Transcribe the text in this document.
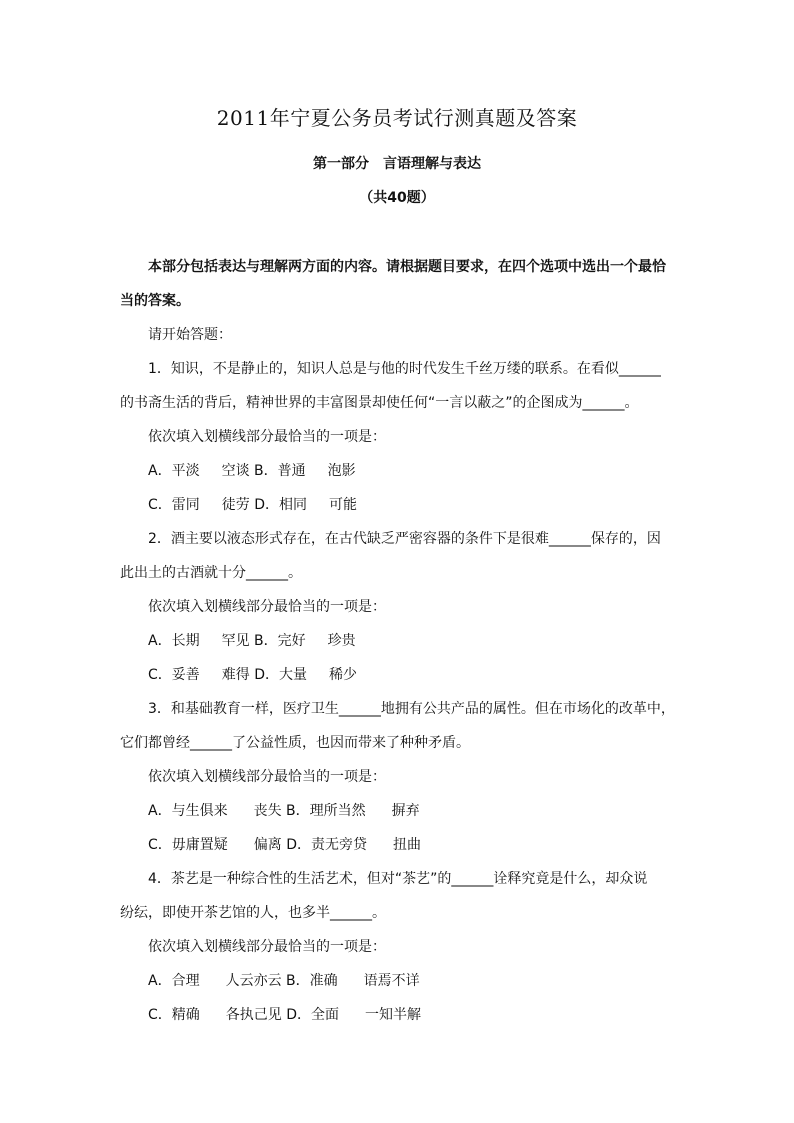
2011年宁夏公务员考试行测真题及答案
第一部分　言语理解与表达
（共40题）
本部分包括表达与理解两方面的内容。请根据题目要求，在四个选项中选出一个最恰
当的答案。
请开始答题：
1．知识，不是静止的，知识人总是与他的时代发生千丝万缕的联系。在看似______
的书斋生活的背后，精神世界的丰富图景却使任何“一言以蔽之”的企图成为______。
依次填入划横线部分最恰当的一项是：
A．平淡 空谈 B．普通 泡影
C．雷同 徒劳 D．相同 可能
2．酒主要以液态形式存在，在古代缺乏严密容器的条件下是很难______保存的，因
此出土的古酒就十分______。
依次填入划横线部分最恰当的一项是：
A．长期 罕见 B．完好 珍贵
C．妥善 难得 D．大量 稀少
3．和基础教育一样，医疗卫生______地拥有公共产品的属性。但在市场化的改革中，
它们都曾经______了公益性质，也因而带来了种种矛盾。
依次填入划横线部分最恰当的一项是：
A．与生俱来 丧失 B．理所当然 摒弃
C．毋庸置疑 偏离 D．责无旁贷 扭曲
4．茶艺是一种综合性的生活艺术，但对“茶艺”的______诠释究竟是什么，却众说
纷纭，即使开茶艺馆的人，也多半______。
依次填入划横线部分最恰当的一项是：
A．合理 人云亦云 B．准确 语焉不详
C．精确 各执己见 D．全面 一知半解
